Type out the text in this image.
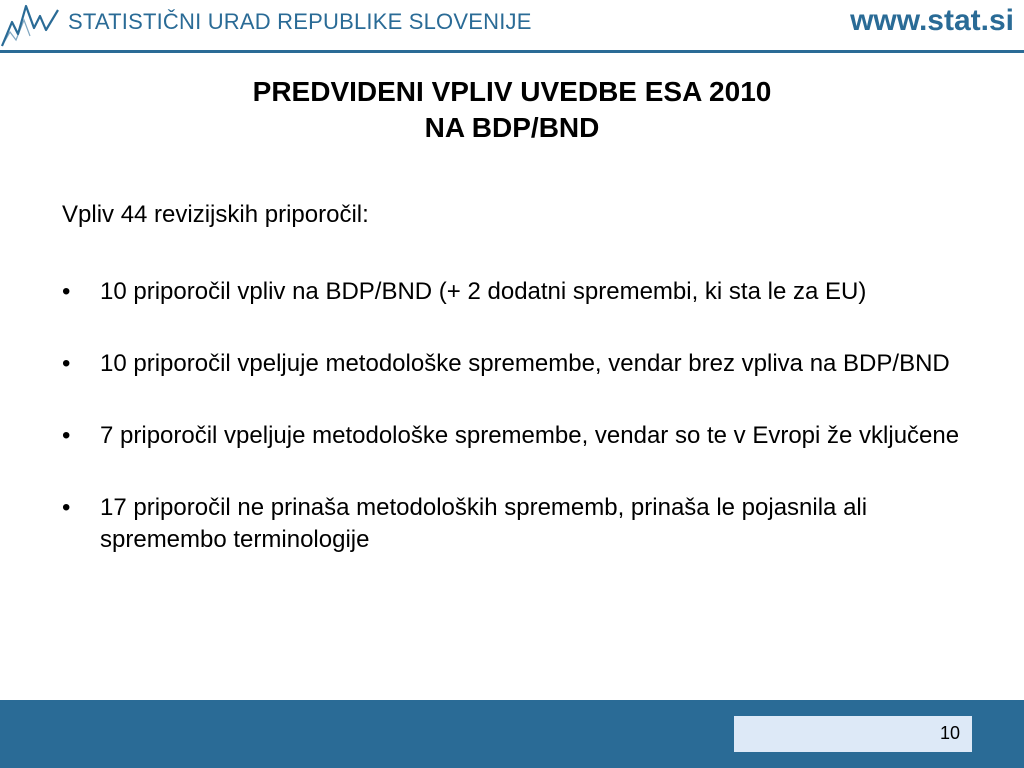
STATISTIČNI URAD REPUBLIKE SLOVENIJE	www.stat.si
PREDVIDENI VPLIV UVEDBE ESA 2010
NA BDP/BND
Vpliv 44 revizijskih priporočil:
•	10 priporočil vpliv na BDP/BND (+ 2 dodatni spremembi, ki sta le za EU)
•	10 priporočil vpeljuje metodološke spremembe, vendar brez vpliva na BDP/BND
•	7 priporočil vpeljuje metodološke spremembe, vendar so te v Evropi že vključene
•	17 priporočil ne prinaša metodoloških sprememb, prinaša le pojasnila ali spremembo terminologije
10
